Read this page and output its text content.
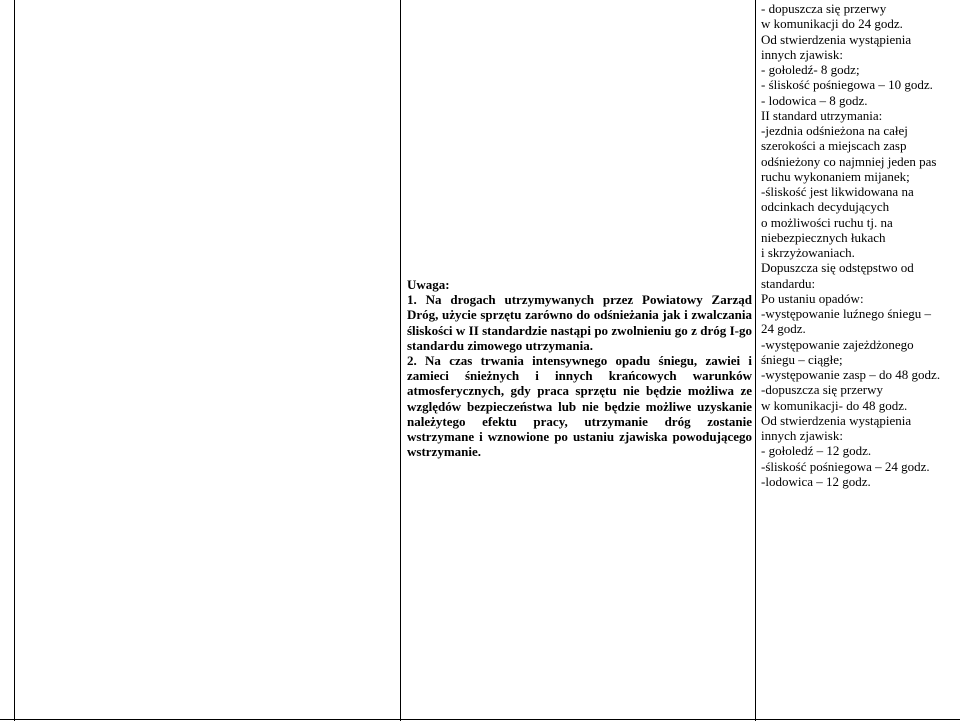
Uwaga:
1. Na drogach utrzymywanych przez Powiatowy Zarząd Dróg, użycie sprzętu zarówno do odśnieżania jak i zwalczania śliskości w II standardzie nastąpi po zwolnieniu go z dróg I-go standardu zimowego utrzymania.
2. Na czas trwania intensywnego opadu śniegu, zawiei i zamieci śnieżnych i innych krańcowych warunków atmosferycznych, gdy praca sprzętu nie będzie możliwa ze względów bezpieczeństwa lub nie będzie możliwe uzyskanie należytego efektu pracy, utrzymanie dróg zostanie wstrzymane i wznowione po ustaniu zjawiska powodującego wstrzymanie.
- dopuszcza się przerwy
w komunikacji do 24 godz.
Od stwierdzenia wystąpienia
innych zjawisk:
- gołoledź- 8 godz;
- śliskość pośniegowa – 10 godz.
- lodowica – 8 godz.
II standard utrzymania:
-jezdnia odśnieżona na całej
szerokości a miejscach zasp
odśnieżony co najmniej jeden pas
ruchu wykonaniem mijanek;
-śliskość jest likwidowana na
odcinkach decydujących
o możliwości ruchu tj. na
niebezpiecznych łukach
i skrzyżowaniach.
Dopuszcza się odstępstwo od
standardu:
Po ustaniu opadów:
-występowanie luźnego śniegu –
24 godz.
-występowanie zajeżdżonego
śniegu – ciągłe;
-występowanie zasp – do 48 godz.
-dopuszcza się przerwy
w komunikacji- do 48 godz.
Od stwierdzenia wystąpienia
innych zjawisk:
- gołoledź – 12 godz.
-śliskość pośniegowa – 24 godz.
-lodowica – 12 godz.
